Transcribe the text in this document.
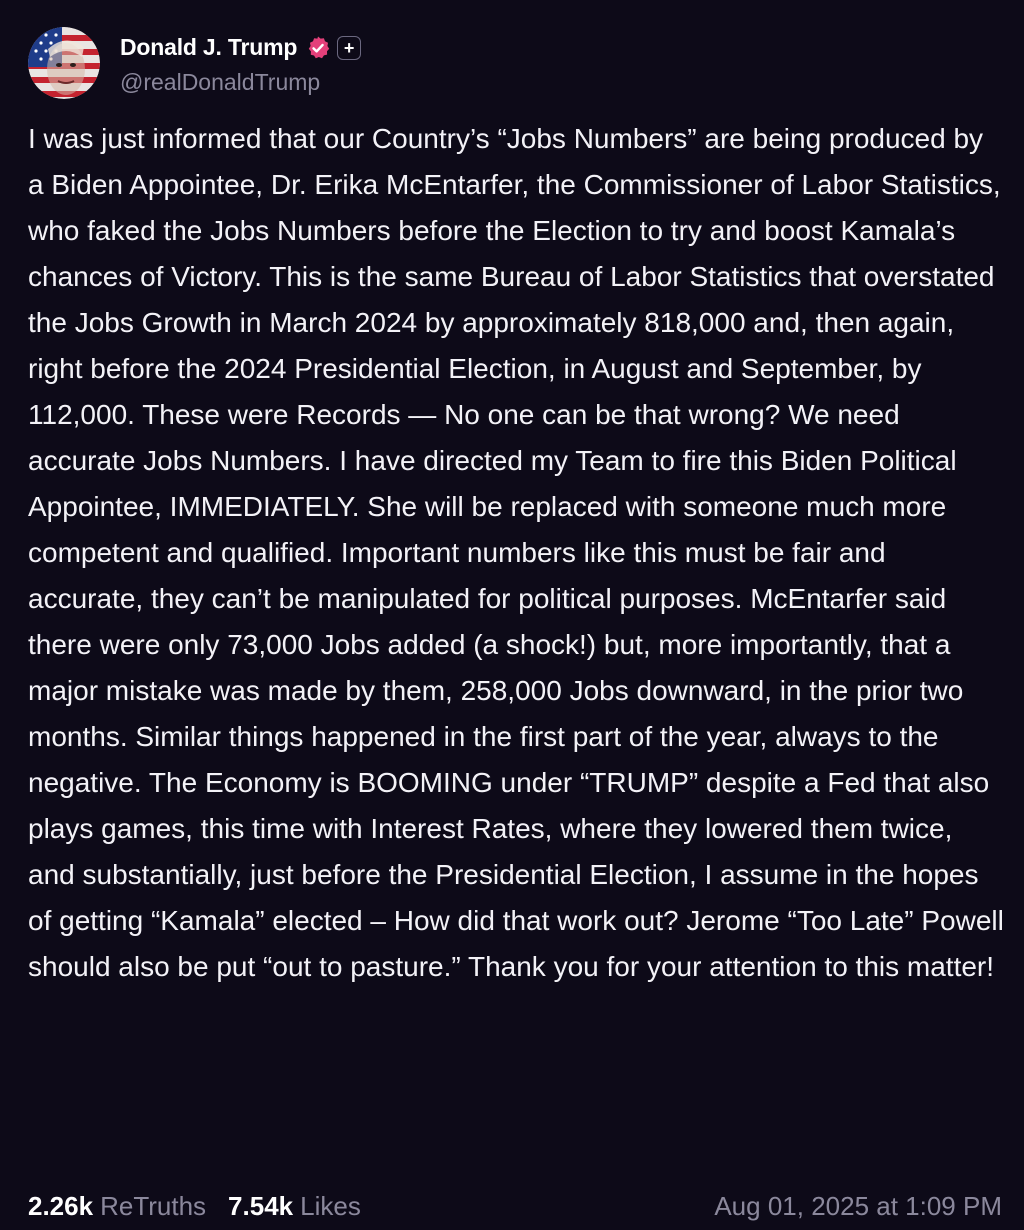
Donald J. Trump	+
@realDonaldTrump

I was just informed that our Country’s “Jobs Numbers” are being produced by a Biden Appointee, Dr. Erika McEntarfer, the Commissioner of Labor Statistics, who faked the Jobs Numbers before the Election to try and boost Kamala’s chances of Victory. This is the same Bureau of Labor Statistics that overstated the Jobs Growth in March 2024 by approximately 818,000 and, then again, right before the 2024 Presidential Election, in August and September, by 112,000. These were Records — No one can be that wrong? We need accurate Jobs Numbers. I have directed my Team to fire this Biden Political Appointee, IMMEDIATELY. She will be replaced with someone much more competent and qualified. Important numbers like this must be fair and accurate, they can’t be manipulated for political purposes. McEntarfer said there were only 73,000 Jobs added (a shock!) but, more importantly, that a major mistake was made by them, 258,000 Jobs downward, in the prior two months. Similar things happened in the first part of the year, always to the negative. The Economy is BOOMING under “TRUMP” despite a Fed that also plays games, this time with Interest Rates, where they lowered them twice, and substantially, just before the Presidential Election, I assume in the hopes of getting “Kamala” elected – How did that work out? Jerome “Too Late” Powell should also be put “out to pasture.” Thank you for your attention to this matter!

2.26k ReTruths 7.54k Likes	Aug 01, 2025 at 1:09 PM
